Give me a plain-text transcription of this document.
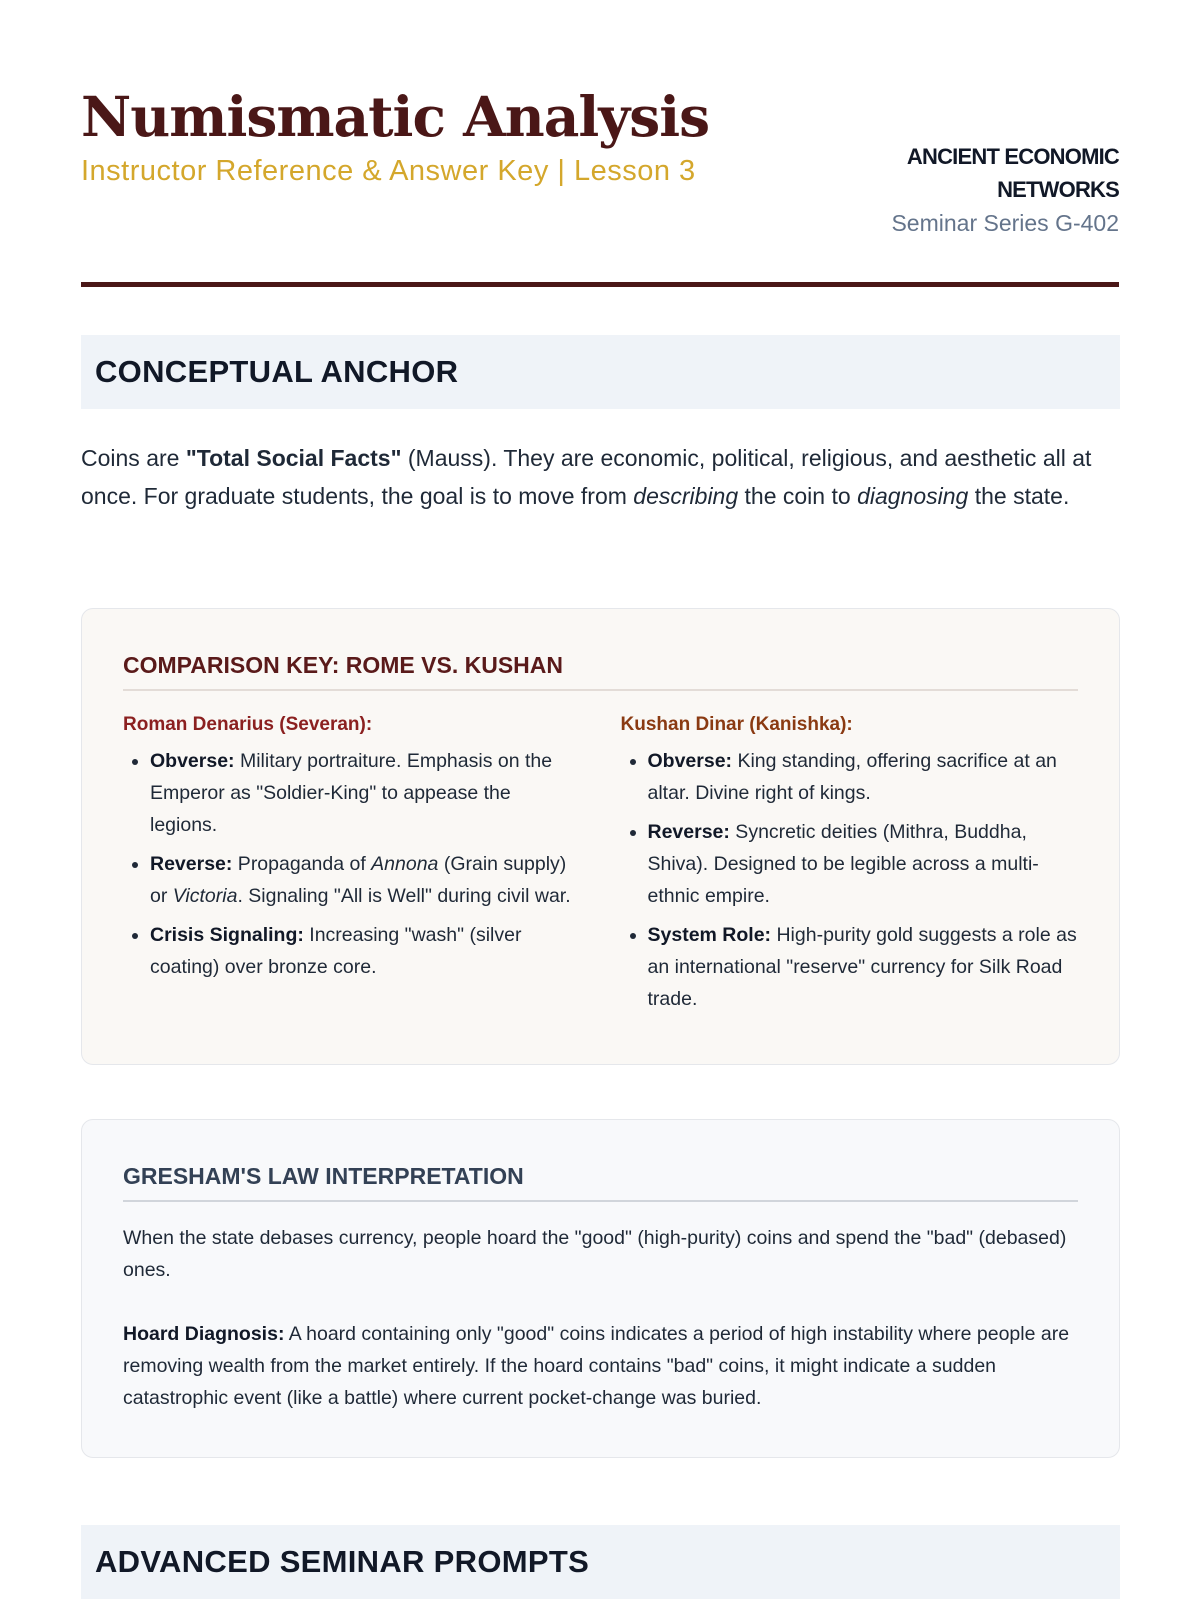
Numismatic Analysis

Instructor Reference & Answer Key | Lesson 3	ANCIENT ECONOMIC NETWORKS
Seminar Series G-402
CONCEPTUAL ANCHOR

Coins are "Total Social Facts" (Mauss). They are economic, political, religious, and aesthetic all at once. For graduate students, the goal is to move from describing the coin to diagnosing the state.

COMPARISON KEY: ROME VS. KUSHAN
Roman Denarius (Severan):
• Obverse: Military portraiture. Emphasis on the Emperor as "Soldier-King" to appease the legions.
• Reverse: Propaganda of Annona (Grain supply) or Victoria. Signaling "All is Well" during civil war.
• Crisis Signaling: Increasing "wash" (silver coating) over bronze core.
Kushan Dinar (Kanishka):
• Obverse: King standing, offering sacrifice at an altar. Divine right of kings.
• Reverse: Syncretic deities (Mithra, Buddha, Shiva). Designed to be legible across a multi-ethnic empire.
• System Role: High-purity gold suggests a role as an international "reserve" currency for Silk Road trade.
GRESHAM'S LAW INTERPRETATION

When the state debases currency, people hoard the "good" (high-purity) coins and spend the "bad" (debased) ones.

Hoard Diagnosis: A hoard containing only "good" coins indicates a period of high instability where people are removing wealth from the market entirely. If the hoard contains "bad" coins, it might indicate a sudden catastrophic event (like a battle) where current pocket-change was buried.

ADVANCED SEMINAR PROMPTS
